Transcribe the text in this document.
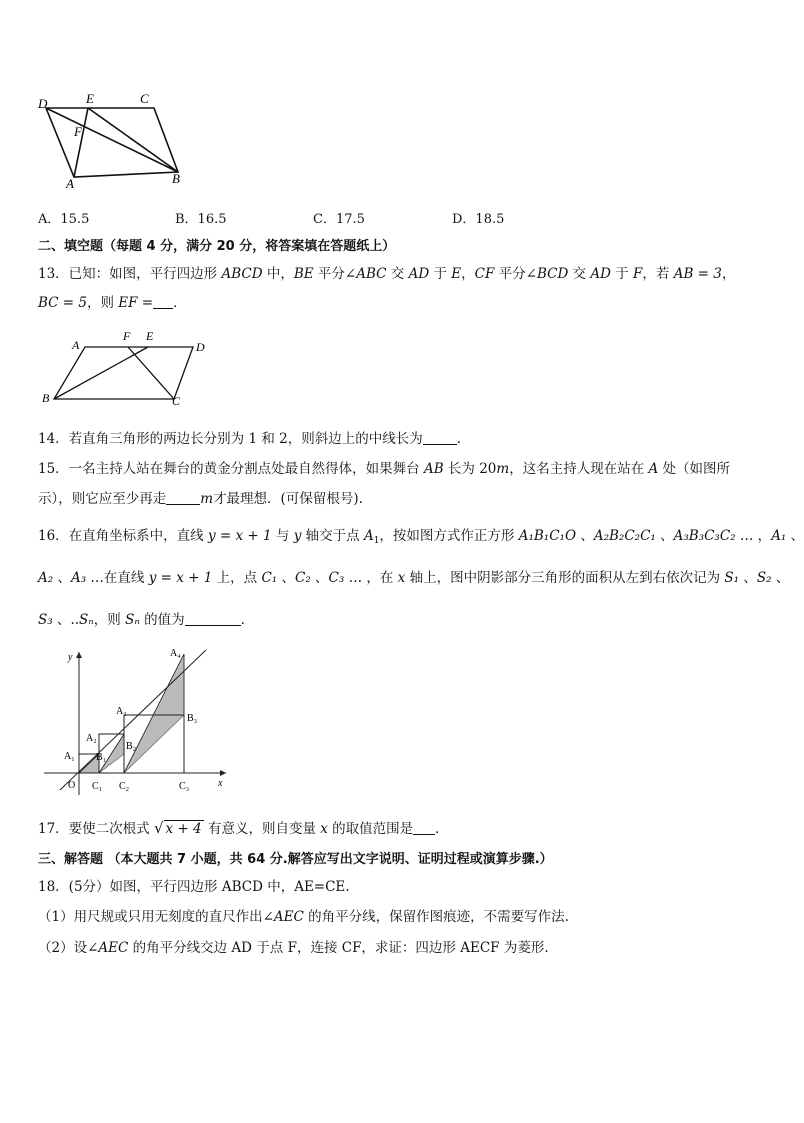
D	E	C
F
A	B
A．15.5	B．16.5	C．17.5	D．18.5
二、填空题（每题 4 分，满分 20 分，将答案填在答题纸上）
13．已知：如图，平行四边形 ABCD 中，BE 平分∠ABC 交 AD 于 E，CF 平分∠BCD 交 AD 于 F，若 AB = 3，
BC = 5，则 EF = ．
A
F E
D
B	C
14．若直角三角形的两边长分别为 1 和 2，则斜边上的中线长为	.
15．一名主持人站在舞台的黄金分割点处最自然得体，如果舞台 AB 长为 20m，这名主持人现在站在 A 处（如图所
示），则它应至少再走	m才最理想．(可保留根号).
16．在直角坐标系中，直线 y = x + 1 与 y 轴交于点 $A_1$，按如图方式作正方形 A₁B₁C₁O 、A₂B₂C₂C₁ 、A₃B₃C₃C₂ … ，A₁ 、
A₂ 、A₃ …在直线 y = x + 1 上，点 C₁ 、C₂ 、C₃ … ，在 x 轴上，图中阴影部分三角形的面积从左到右依次记为 S₁ 、S₂ 、
S₃ 、..Sₙ，则 Sₙ 的值为	．
y
x
O
A₁
A₂
A₃
A₄
B₁
B₂
B₃
C₁ C₂	C₃
17．要使二次根式 √ x + 4 有意义，则自变量 x 的取值范围是 ．
三、解答题 （本大题共 7 小题，共 64 分.解答应写出文字说明、证明过程或演算步骤.）
18．(5分）如图，平行四边形 ABCD 中，AE=CE.
（1）用尺规或只用无刻度的直尺作出∠AEC 的角平分线，保留作图痕迹，不需要写作法.
（2）设∠AEC 的角平分线交边 AD 于点 F，连接 CF，求证：四边形 AECF 为菱形.
